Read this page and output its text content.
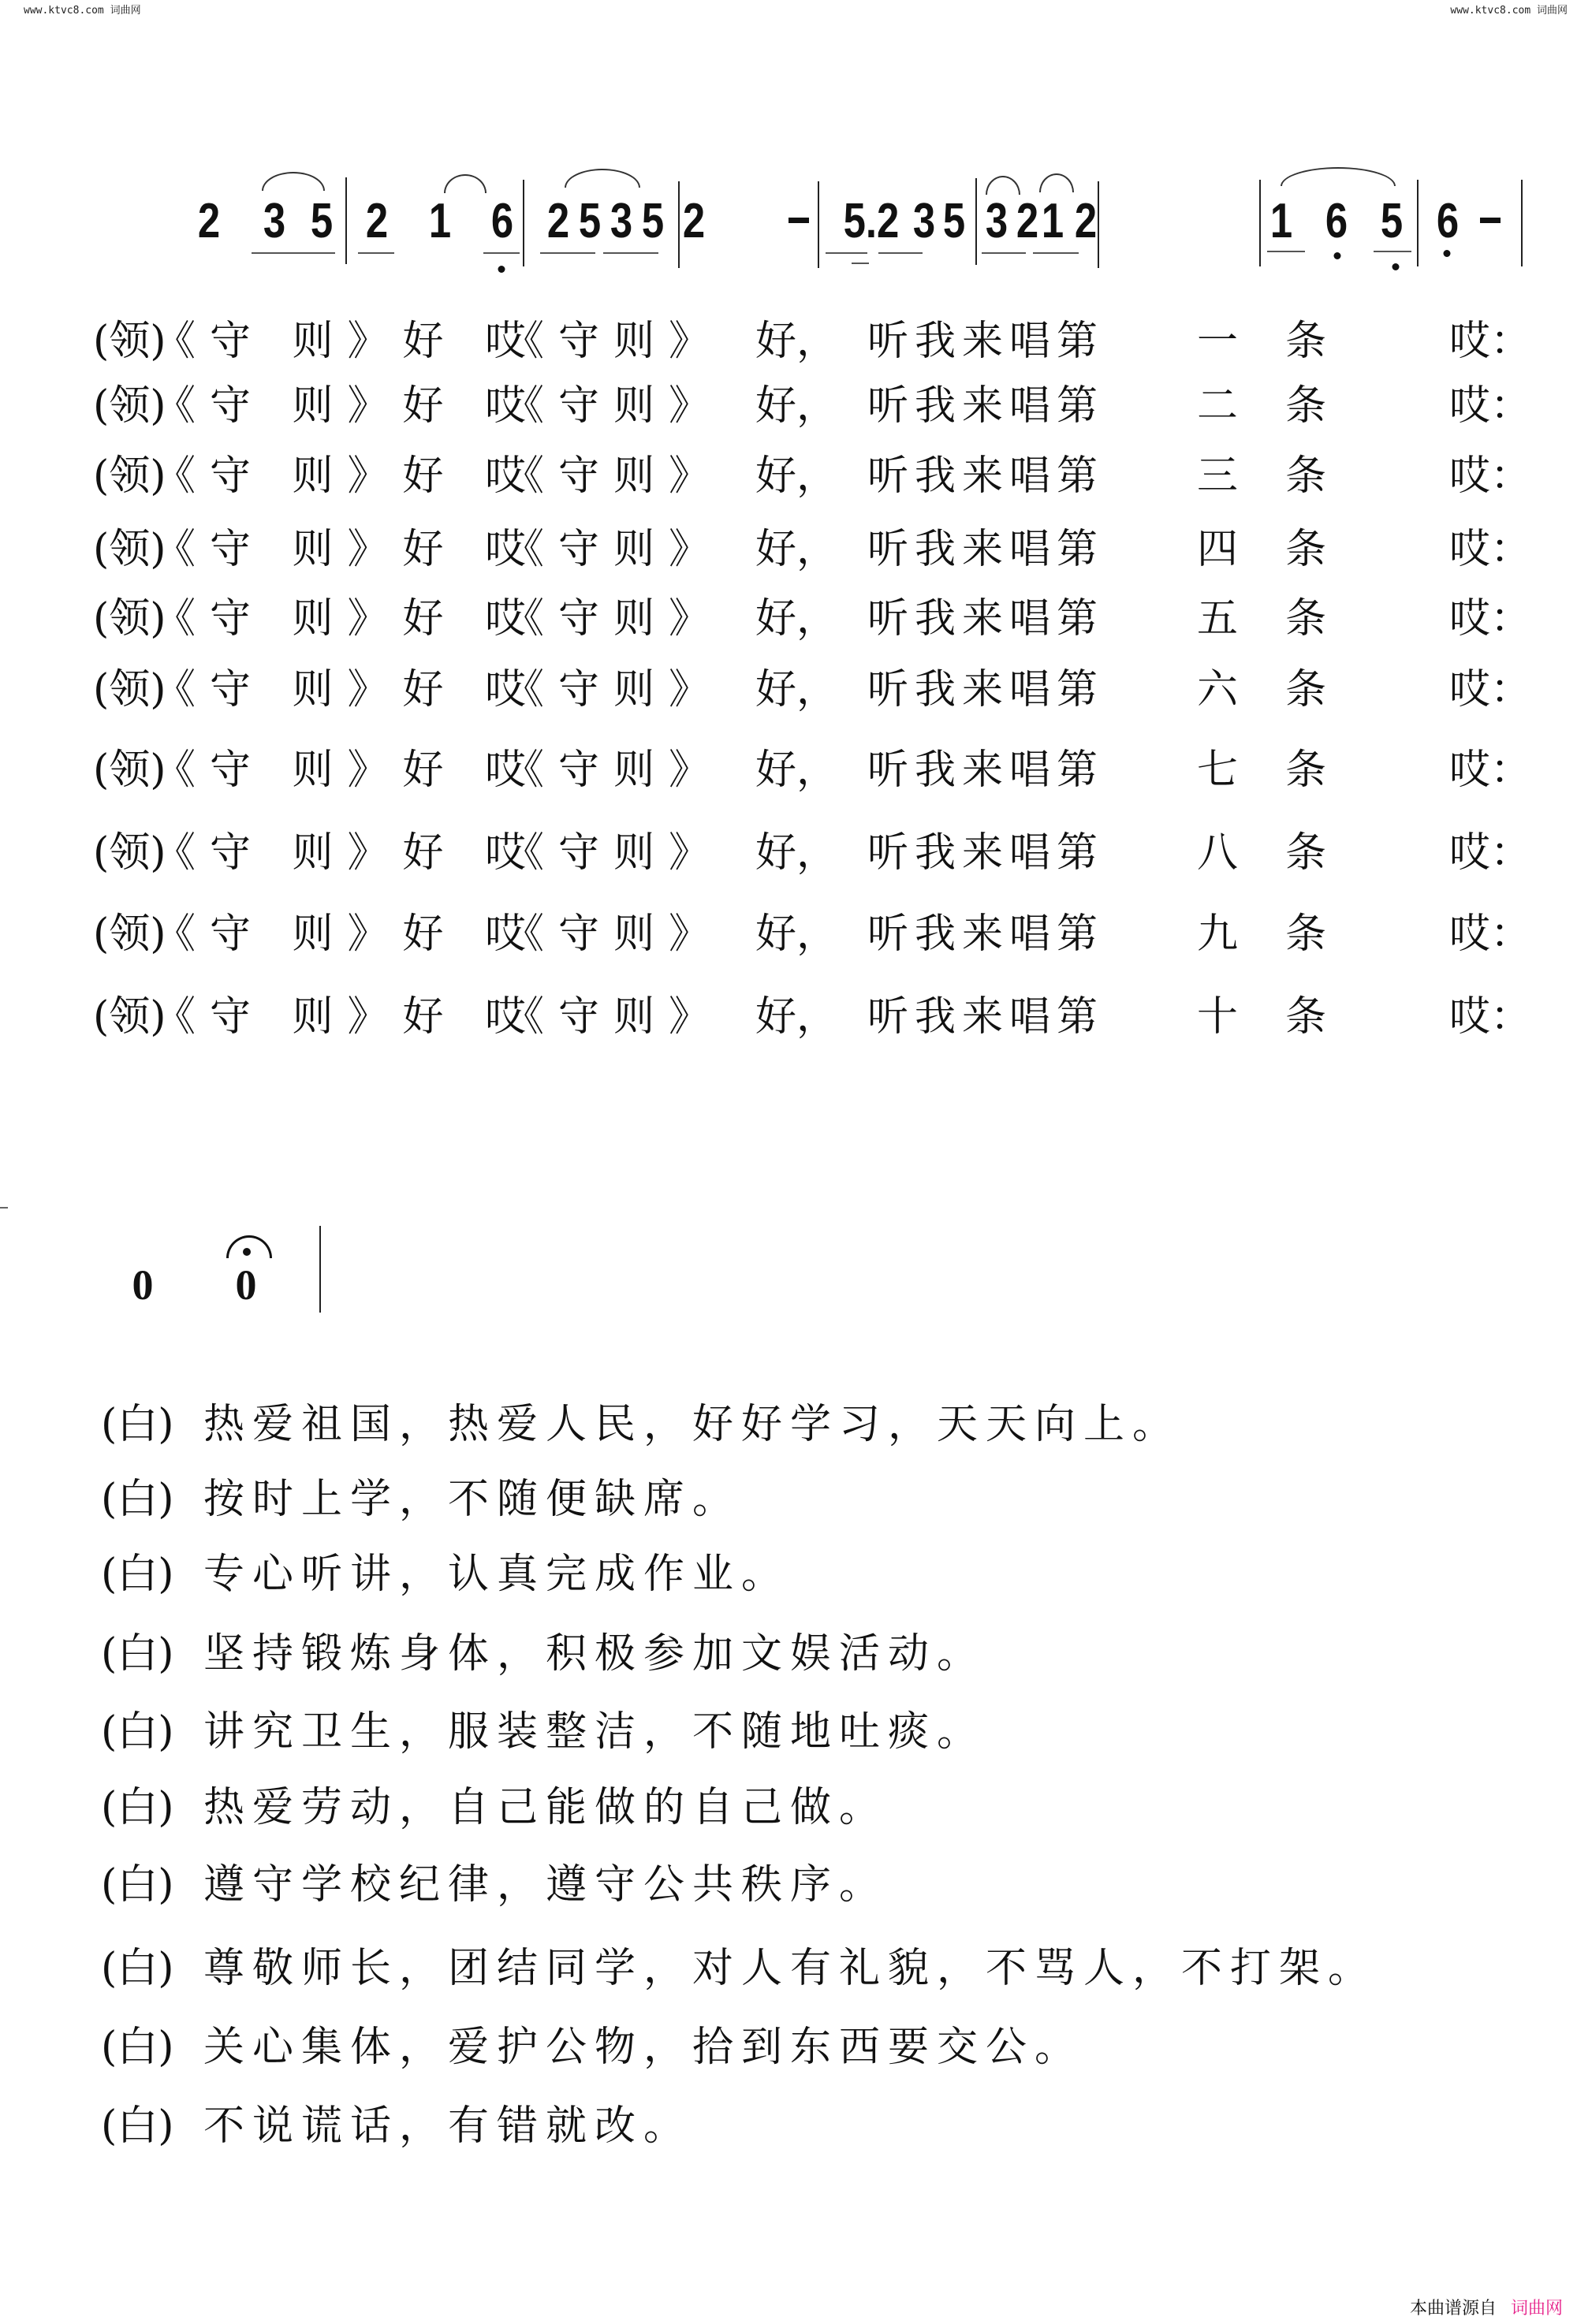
www.ktvc8.com 词曲网	www.ktvc8.com 词曲网
2 3 5 2 1 6 2 5 3 5 2	5.2 3 5 3 2 1 2	1 6 5 6
(领)
《守 则》好 哎
《守则》 好， 听我来唱第 一 条	哎：
(领)
《守 则》好 哎
《守则》 好， 听我来唱第 二 条	哎：
(领)
《守 则》好 哎
《守则》 好， 听我来唱第 三 条	哎：
(领)
《守 则》好 哎
《守则》 好， 听我来唱第 四 条	哎：
(领)
《守 则》好 哎
《守则》 好， 听我来唱第 五 条	哎：
(领)
《守 则》好 哎
《守则》 好， 听我来唱第 六 条	哎：
(领)
《守 则》好 哎
《守则》 好， 听我来唱第 七 条	哎：
(领)
《守 则》好 哎
《守则》 好， 听我来唱第 八 条	哎：
(领)
《守 则》好 哎
《守则》 好， 听我来唱第 九 条	哎：
(领)
《守 则》好 哎
《守则》 好， 听我来唱第 十 条	哎：
0 0
(白) 热爱祖国，热爱人民，好好学习，天天向上。
(白) 按时上学，不随便缺席。
(白) 专心听讲，认真完成作业。
(白) 坚持锻炼身体，积极参加文娱活动。
(白) 讲究卫生，服装整洁，不随地吐痰。
(白) 热爱劳动，自己能做的自己做。
(白) 遵守学校纪律，遵守公共秩序。
(白) 尊敬师长，团结同学，对人有礼貌，不骂人，不打架。
(白) 关心集体，爱护公物，拾到东西要交公。
(白) 不说谎话，有错就改。
本曲谱源自 词曲网
